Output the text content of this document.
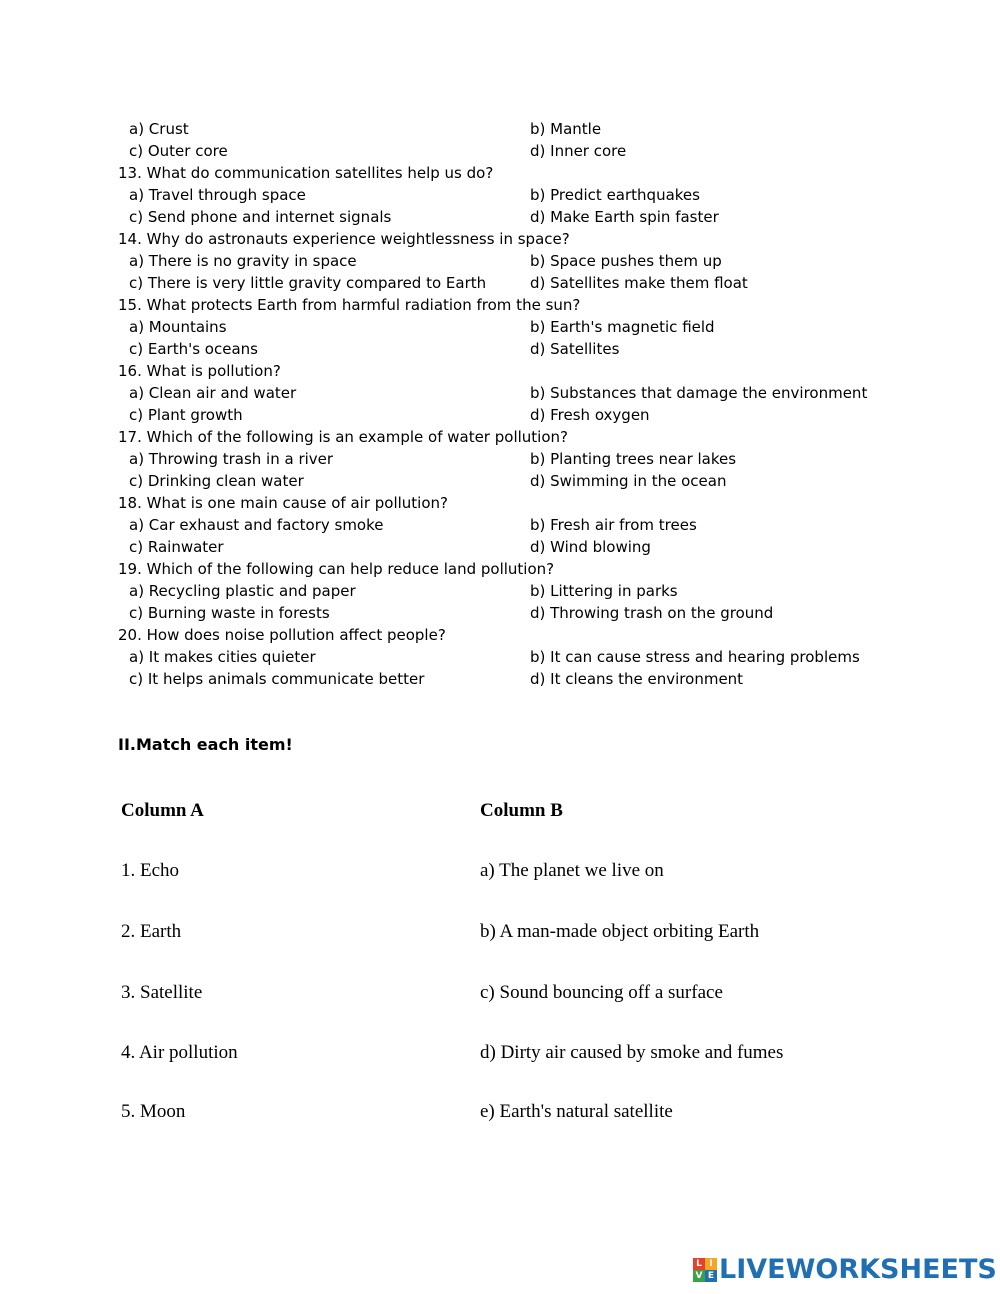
a) Crust	b) Mantle
c) Outer core	d) Inner core
13. What do communication satellites help us do?
a) Travel through space	b) Predict earthquakes
c) Send phone and internet signals	d) Make Earth spin faster
14. Why do astronauts experience weightlessness in space?
a) There is no gravity in space	b) Space pushes them up
c) There is very little gravity compared to Earth	d) Satellites make them float
15. What protects Earth from harmful radiation from the sun?
a) Mountains	b) Earth's magnetic field
c) Earth's oceans	d) Satellites
16. What is pollution?
a) Clean air and water	b) Substances that damage the environment
c) Plant growth	d) Fresh oxygen
17. Which of the following is an example of water pollution?
a) Throwing trash in a river	b) Planting trees near lakes
c) Drinking clean water	d) Swimming in the ocean
18. What is one main cause of air pollution?
a) Car exhaust and factory smoke	b) Fresh air from trees
c) Rainwater	d) Wind blowing
19. Which of the following can help reduce land pollution?
a) Recycling plastic and paper	b) Littering in parks
c) Burning waste in forests	d) Throwing trash on the ground
20. How does noise pollution affect people?
a) It makes cities quieter	b) It can cause stress and hearing problems
c) It helps animals communicate better	d) It cleans the environment
II.Match each item!
Column A	Column B
1. Echo	a) The planet we live on
2. Earth	b) A man-made object orbiting Earth
3. Satellite	c) Sound bouncing off a surface
4. Air pollution	d) Dirty air caused by smoke and fumes
5. Moon	e) Earth's natural satellite
L I
V E LIVEWORKSHEETS
